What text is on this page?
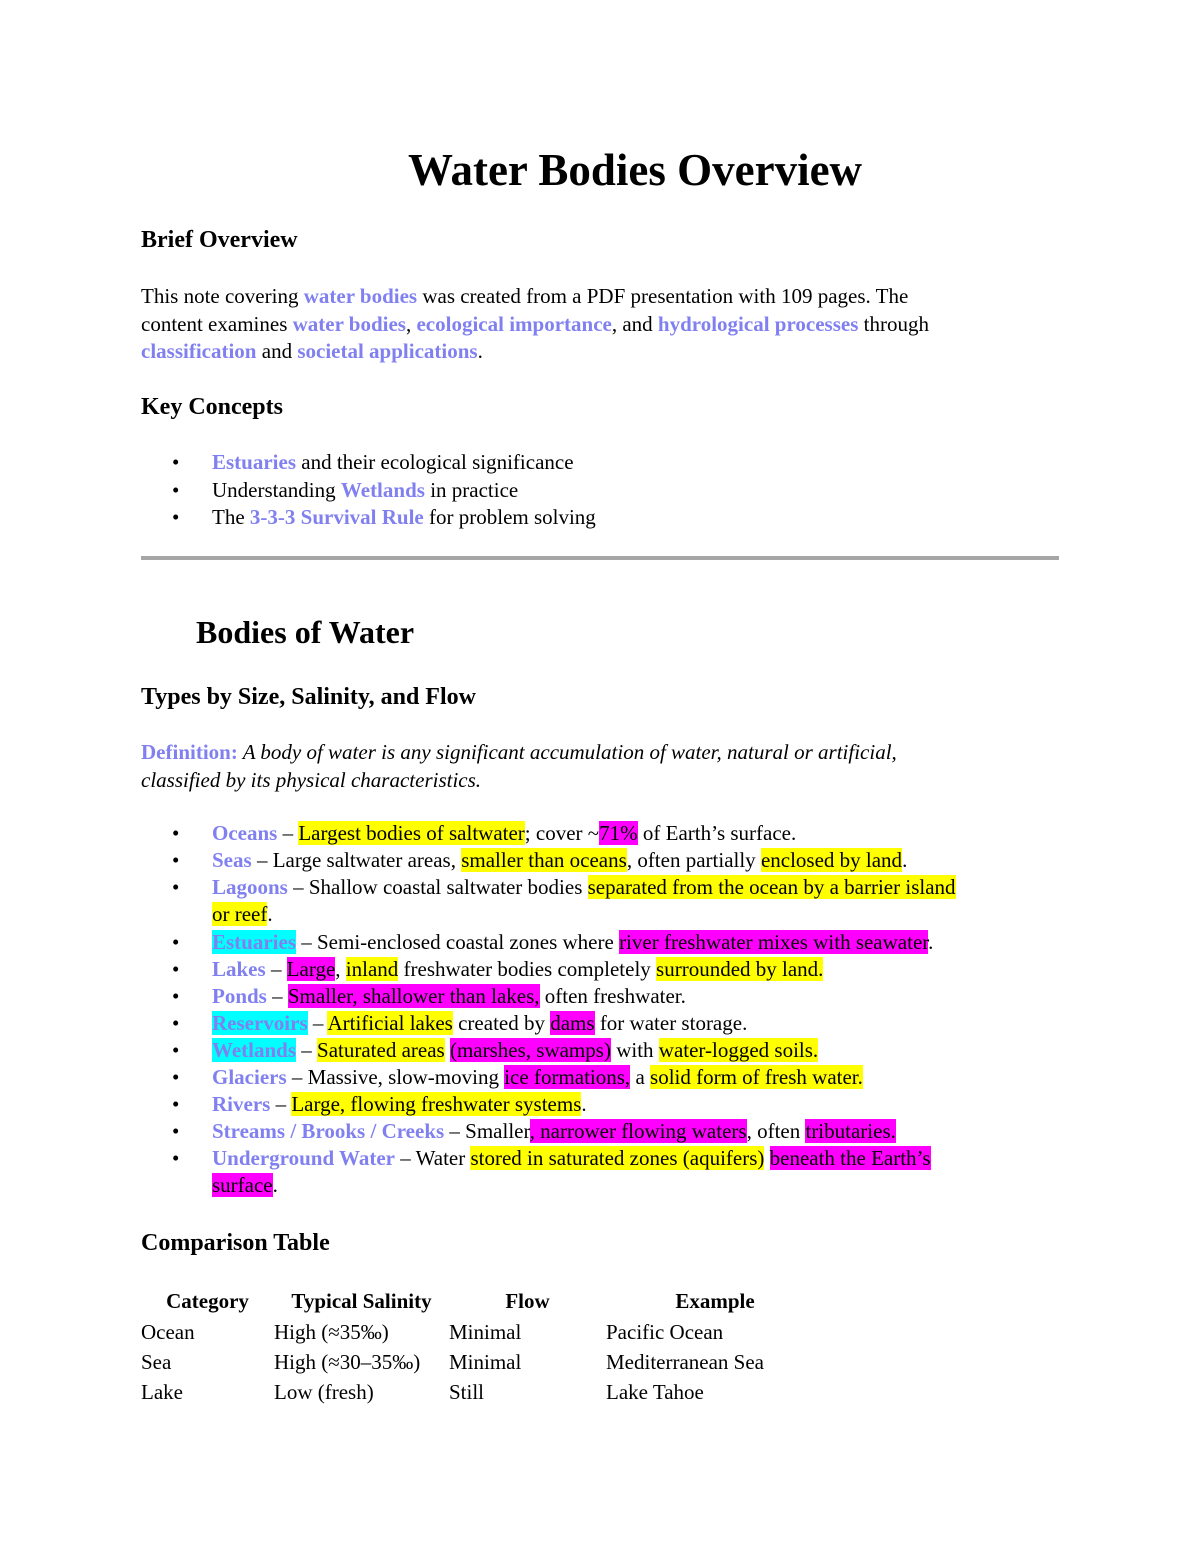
Water Bodies Overview
Brief Overview
This note covering water bodies was created from a PDF presentation with 109 pages. The
content examines water bodies, ecological importance, and hydrological processes through
classification and societal applications.
Key Concepts
•	Estuaries and their ecological significance
•	Understanding Wetlands in practice
•	The 3-3-3 Survival Rule for problem solving
Bodies of Water
Types by Size, Salinity, and Flow
Definition: A body of water is any significant accumulation of water, natural or artificial,
classified by its physical characteristics.
•	Oceans – Largest bodies of saltwater; cover ~71% of Earth’s surface.
•	Seas – Large saltwater areas, smaller than oceans, often partially enclosed by land.
•	Lagoons – Shallow coastal saltwater bodies separated from the ocean by a barrier island
or reef.
•	Estuaries – Semi-enclosed coastal zones where river freshwater mixes with seawater.
•	Lakes – Large, inland freshwater bodies completely surrounded by land.
•	Ponds – Smaller, shallower than lakes, often freshwater.
•	Reservoirs – Artificial lakes created by dams for water storage.
•	Wetlands – Saturated areas (marshes, swamps) with water-logged soils.
•	Glaciers – Massive, slow-moving ice formations, a solid form of fresh water.
•	Rivers – Large, flowing freshwater systems.
•	Streams / Brooks / Creeks – Smaller, narrower flowing waters, often tributaries.
•	Underground Water – Water stored in saturated zones (aquifers) beneath the Earth’s
surface.
Comparison Table
Category	Typical Salinity	Flow	Example
Ocean	High (≈35‰)	Minimal	Pacific Ocean
Sea	High (≈30–35‰)	Minimal	Mediterranean Sea
Lake	Low (fresh)	Still	Lake Tahoe
